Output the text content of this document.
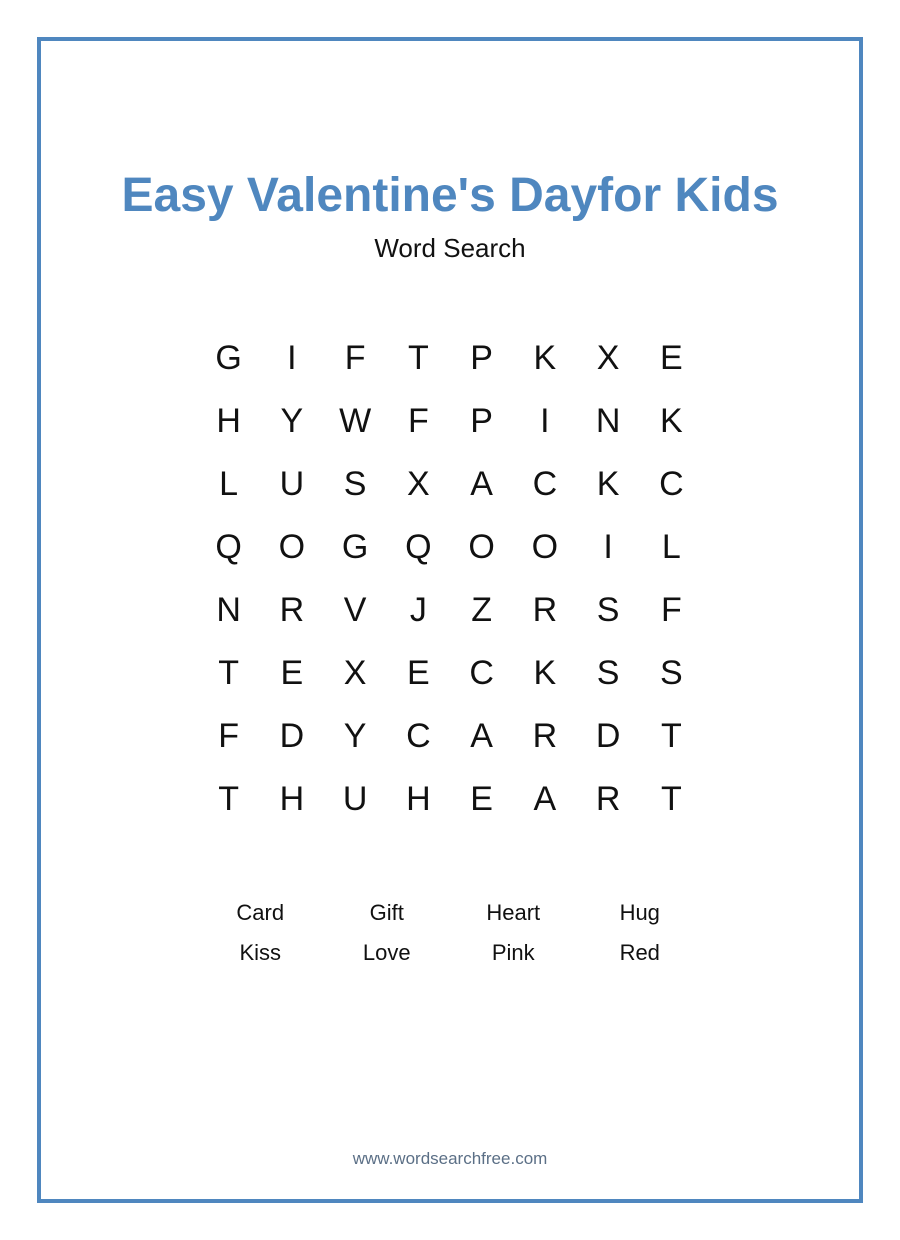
Easy Valentine's Dayfor Kids
Word Search
G	I	F	T	P	K	X	E
H	Y	W	F	P	I	N	K
L	U	S	X	A	C	K	C
Q	O	G	Q	O	O	I	L
N	R	V	J	Z	R	S	F
T	E	X	E	C	K	S	S
F	D	Y	C	A	R	D	T
T	H	U	H	E	A	R	T
Card	Gift	Heart	Hug
Kiss	Love	Pink	Red
www.wordsearchfree.com
